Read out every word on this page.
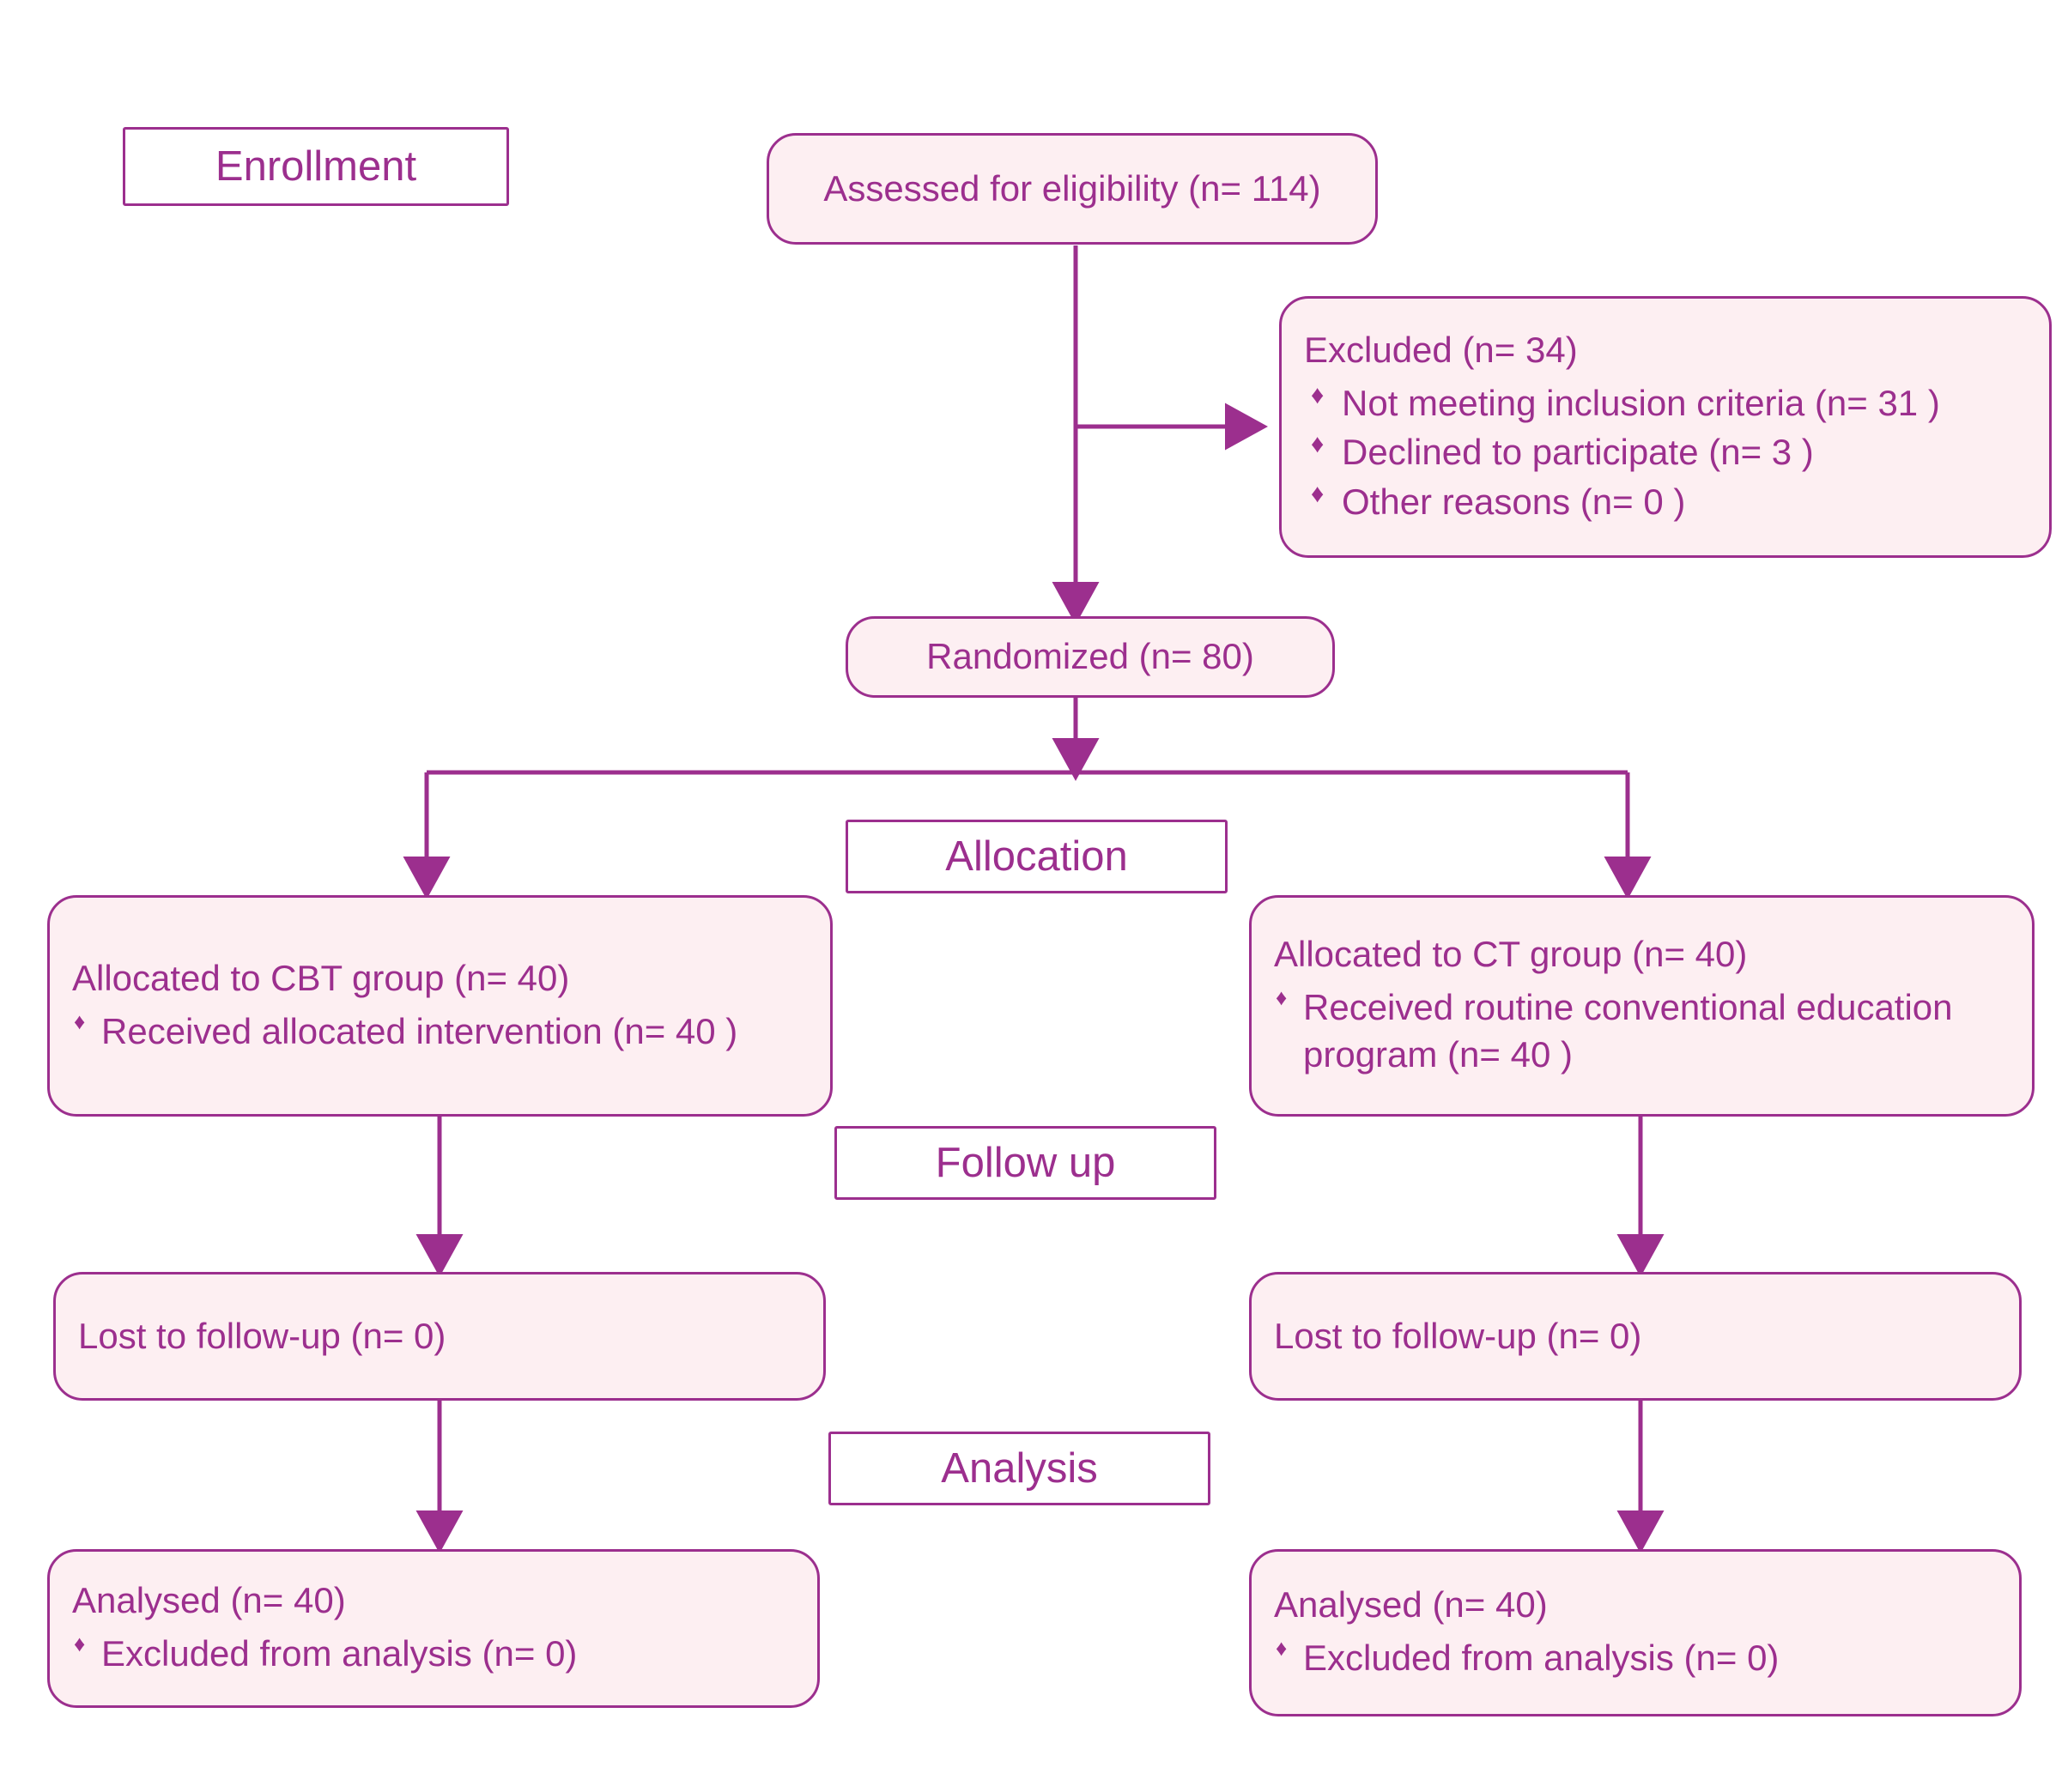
Enrollment
Allocation
Follow up
Analysis
Assessed for eligibility (n= 114)
Excluded (n= 34)
♦ Not meeting inclusion criteria (n= 31 )
♦ Declined to participate (n= 3 )
♦ Other reasons (n= 0 )
Randomized (n= 80)
Allocated to CBT group (n= 40)
♦ Received allocated intervention (n= 40 )
Allocated to CT group (n= 40)
♦ Received routine conventional education program (n= 40 )
Lost to follow-up (n= 0)	Lost to follow-up (n= 0)
Analysed (n= 40)
♦ Excluded from analysis (n= 0)
Analysed (n= 40)
♦ Excluded from analysis (n= 0)
